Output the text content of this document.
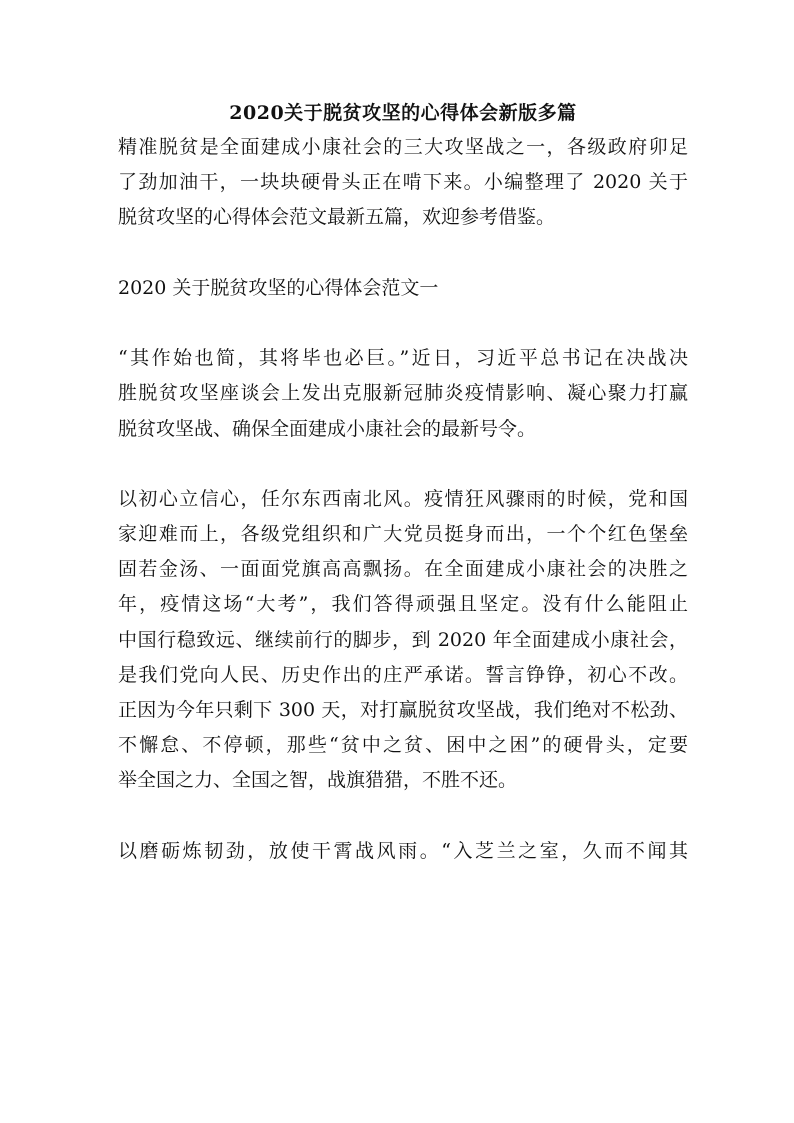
2020关于脱贫攻坚的心得体会新版多篇

精准脱贫是全面建成小康社会的三大攻坚战之一，各级政府卯足
了劲加油干，一块块硬骨头正在啃下来。小编整理了 2020 关于
脱贫攻坚的心得体会范文最新五篇，欢迎参考借鉴。

2020 关于脱贫攻坚的心得体会范文一

“其作始也简，其将毕也必巨。”近日，习近平总书记在决战决
胜脱贫攻坚座谈会上发出克服新冠肺炎疫情影响、凝心聚力打赢
脱贫攻坚战、确保全面建成小康社会的最新号令。

以初心立信心，任尔东西南北风。疫情狂风骤雨的时候，党和国
家迎难而上，各级党组织和广大党员挺身而出，一个个红色堡垒
固若金汤、一面面党旗高高飘扬。在全面建成小康社会的决胜之
年，疫情这场“大考”，我们答得顽强且坚定。没有什么能阻止
中国行稳致远、继续前行的脚步，到 2020 年全面建成小康社会，
是我们党向人民、历史作出的庄严承诺。誓言铮铮，初心不改。
正因为今年只剩下 300 天，对打赢脱贫攻坚战，我们绝对不松劲、
不懈怠、不停顿，那些“贫中之贫、困中之困”的硬骨头，定要
举全国之力、全国之智，战旗猎猎，不胜不还。

以磨砺炼韧劲，放使干霄战风雨。“入芝兰之室，久而不闻其
